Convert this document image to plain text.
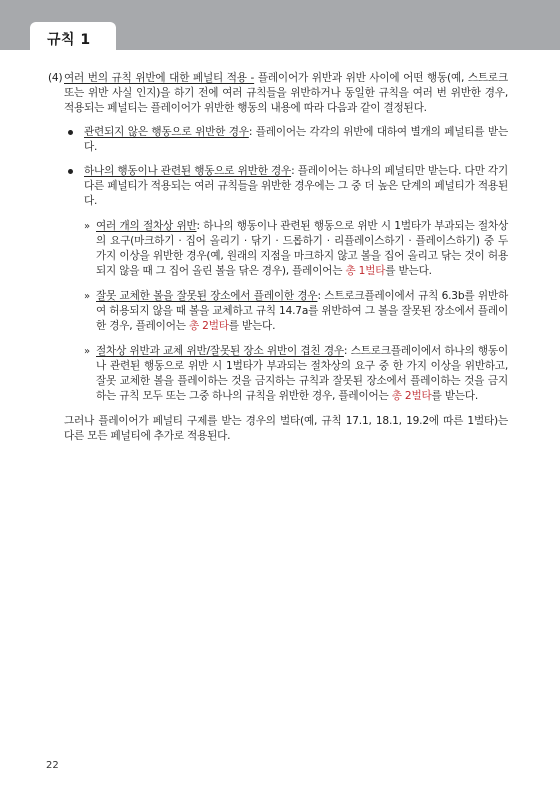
규칙 1
(4) 여러 번의 규칙 위반에 대한 페널티 적용 - 플레이어가 위반과 위반 사이에 어떤 행동(예, 스트로크 또는 위반 사실 인지)을 하기 전에 여러 규칙들을 위반하거나 동일한 규칙을 여러 번 위반한 경우, 적용되는 페널티는 플레이어가 위반한 행동의 내용에 따라 다음과 같이 결정된다.
관련되지 않은 행동으로 위반한 경우: 플레이어는 각각의 위반에 대하여 별개의 페널티를 받는다.
하나의 행동이나 관련된 행동으로 위반한 경우: 플레이어는 하나의 페널티만 받는다. 다만 각기 다른 페널티가 적용되는 여러 규칙들을 위반한 경우에는 그 중 더 높은 단계의 페널티가 적용된다.
» 여러 개의 절차상 위반: 하나의 행동이나 관련된 행동으로 위반 시 1벌타가 부과되는 절차상의 요구(마크하기 · 집어 올리기 · 닦기 · 드롭하기 · 리플레이스하기 · 플레이스하기) 중 두 가지 이상을 위반한 경우(예, 원래의 지점을 마크하지 않고 볼을 집어 올리고 닦는 것이 허용되지 않을 때 그 집어 올린 볼을 닦은 경우), 플레이어는 총 1벌타를 받는다.
» 잘못 교체한 볼을 잘못된 장소에서 플레이한 경우: 스트로크플레이에서 규칙 6.3b를 위반하여 허용되지 않을 때 볼을 교체하고 규칙 14.7a를 위반하여 그 볼을 잘못된 장소에서 플레이한 경우, 플레이어는 총 2벌타를 받는다.
» 절차상 위반과 교체 위반/잘못된 장소 위반이 겹친 경우: 스트로크플레이에서 하나의 행동이나 관련된 행동으로 위반 시 1벌타가 부과되는 절차상의 요구 중 한 가지 이상을 위반하고, 잘못 교체한 볼을 플레이하는 것을 금지하는 규칙과 잘못된 장소에서 플레이하는 것을 금지하는 규칙 모두 또는 그중 하나의 규칙을 위반한 경우, 플레이어는 총 2벌타를 받는다.
그러나 플레이어가 페널티 구제를 받는 경우의 벌타(예, 규칙 17.1, 18.1, 19.2에 따른 1벌타)는 다른 모든 페널티에 추가로 적용된다.
22
